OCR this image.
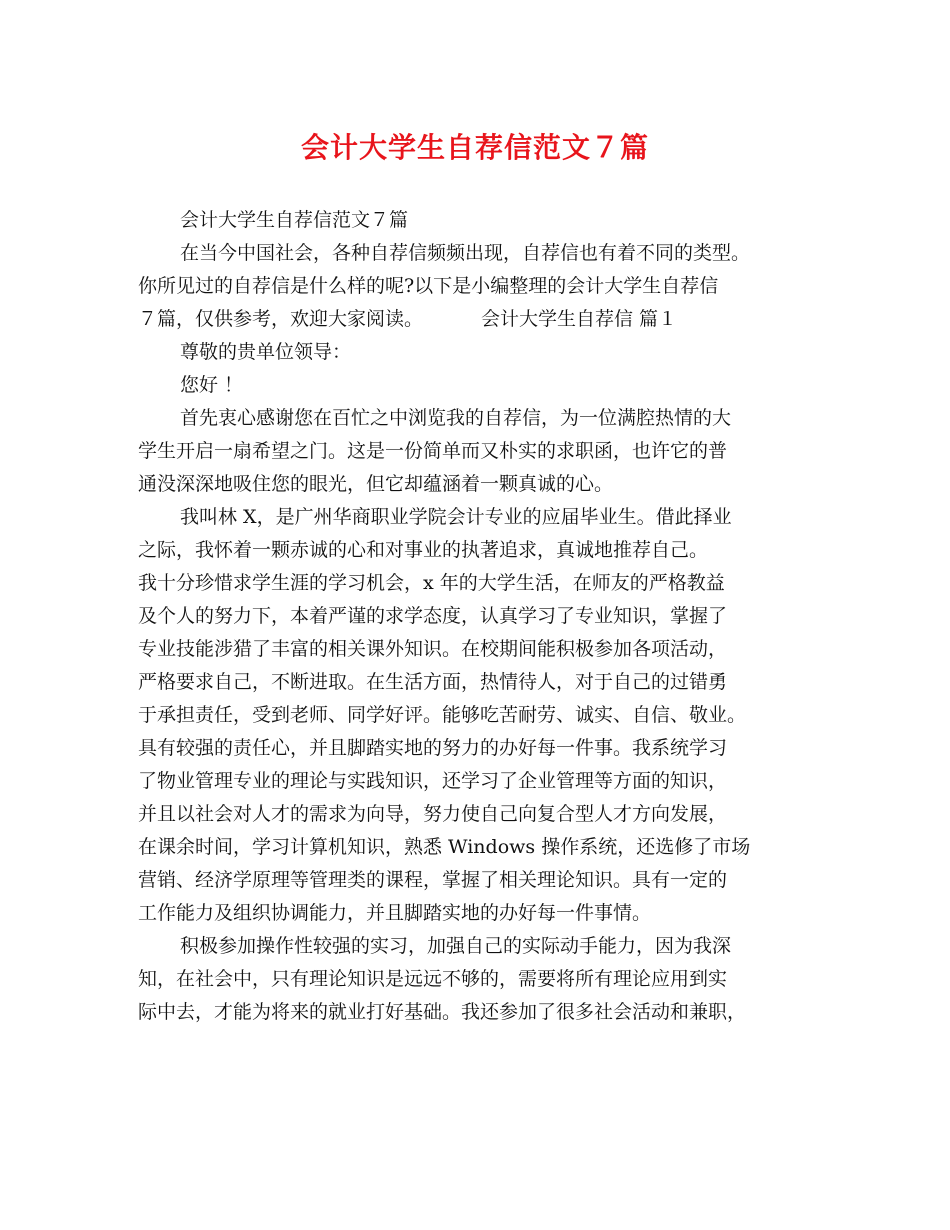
会计大学生自荐信范文７篇
会计大学生自荐信范文７篇
在当今中国社会，各种自荐信频频出现，自荐信也有着不同的类型。
你所见过的自荐信是什么样的呢?以下是小编整理的会计大学生自荐信
７篇，仅供参考，欢迎大家阅读。	会计大学生自荐信 篇１
尊敬的贵单位领导：
您好 ！
首先衷心感谢您在百忙之中浏览我的自荐信，为一位满腔热情的大
学生开启一扇希望之门。这是一份简单而又朴实的求职函，也许它的普
通没深深地吸住您的眼光，但它却蕴涵着一颗真诚的心。
我叫林 X，是广州华商职业学院会计专业的应届毕业生。借此择业
之际，我怀着一颗赤诚的心和对事业的执著追求，真诚地推荐自己。
我十分珍惜求学生涯的学习机会，x 年的大学生活，在师友的严格教益
及个人的努力下，本着严谨的求学态度，认真学习了专业知识，掌握了
专业技能涉猎了丰富的相关课外知识。在校期间能积极参加各项活动，
严格要求自己，不断进取。在生活方面，热情待人，对于自己的过错勇
于承担责任，受到老师、同学好评。能够吃苦耐劳、诚实、自信、敬业。
具有较强的责任心，并且脚踏实地的努力的办好每一件事。我系统学习
了物业管理专业的理论与实践知识，还学习了企业管理等方面的知识，
并且以社会对人才的需求为向导，努力使自己向复合型人才方向发展，
在课余时间，学习计算机知识，熟悉 Windows 操作系统，还选修了市场
营销、经济学原理等管理类的课程，掌握了相关理论知识。具有一定的
工作能力及组织协调能力，并且脚踏实地的办好每一件事情。
积极参加操作性较强的实习，加强自己的实际动手能力，因为我深
知，在社会中，只有理论知识是远远不够的，需要将所有理论应用到实
际中去，才能为将来的就业打好基础。我还参加了很多社会活动和兼职，
